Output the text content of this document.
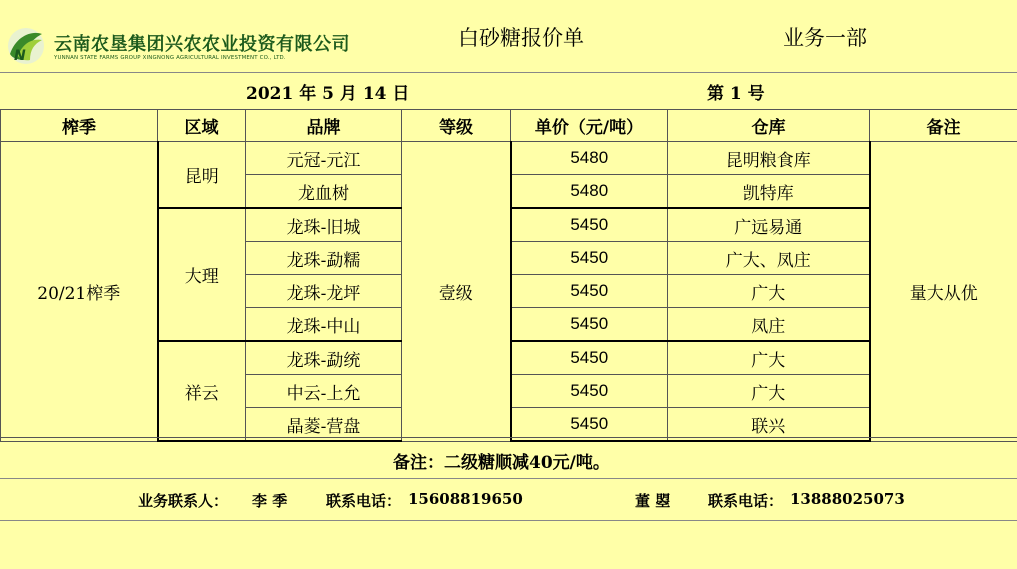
N
云南农垦集团兴农农业投资有限公司
YUNNAN STATE FARMS GROUP XINGNONG AGRICULTURAL INVESTMENT CO., LTD.
白砂糖报价单	业务一部
2021 年 5 月 14 日	第 1 号
榨季	区域	品牌	等级	单价（元/吨）	仓库	备注
20/21榨季	昆明	元冠-元江	壹级	5480	昆明粮食库	量大从优
		龙血树		5480	凯特库	
	大理	龙珠-旧城		5450	广远易通	
		龙珠-勐糯		5450	广大、凤庄	
		龙珠-龙坪		5450	广大	
		龙珠-中山		5450	凤庄	
	祥云	龙珠-勐统		5450	广大	
		中云-上允		5450	广大	
		晶菱-营盘		5450	联兴	
备注：二级糖顺减40元/吨。
业务联系人： 李 季	联系电话： 15608819650	董 曌	联系电话： 13888025073
